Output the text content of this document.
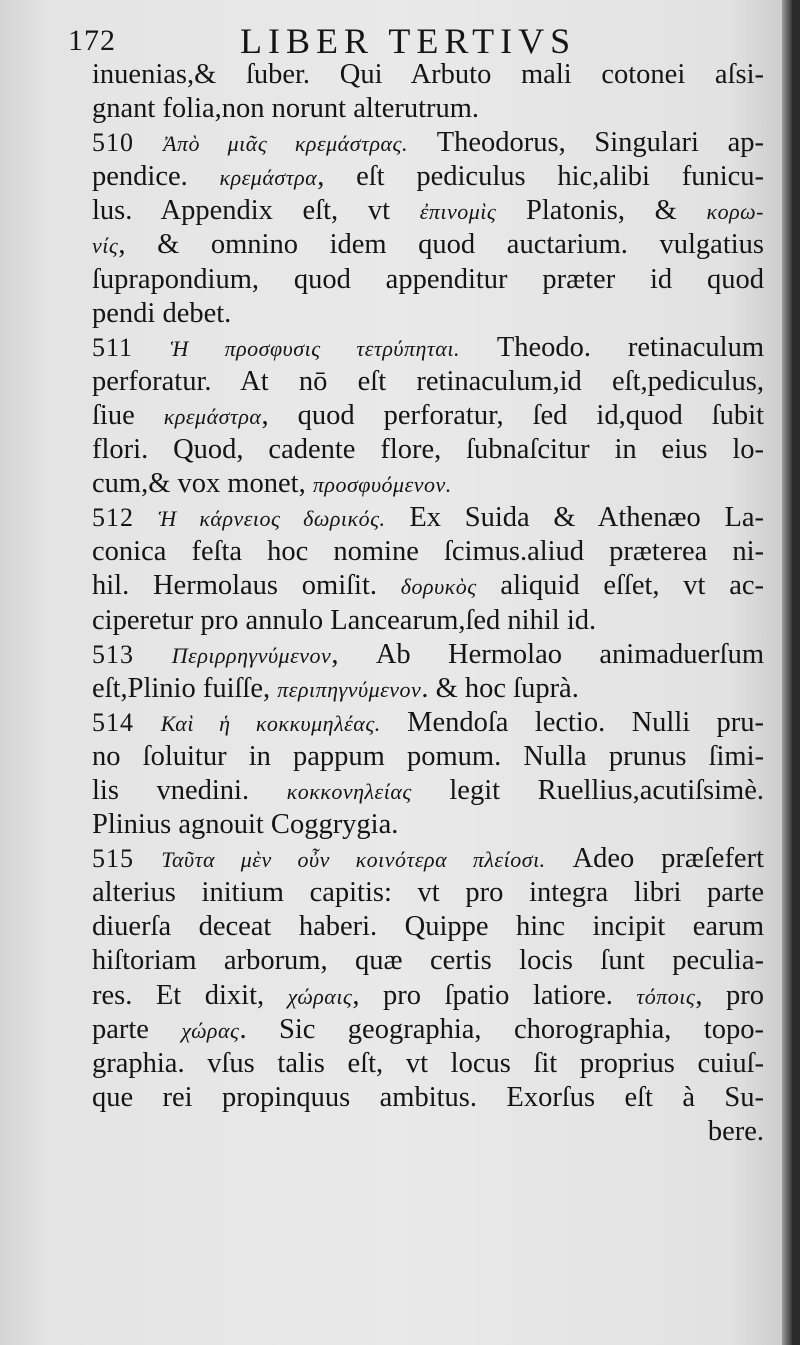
172	LIBER TERTIVS
inuenias,& ſuber. Qui Arbuto mali cotonei aſsi-
gnant folia,non norunt alterutrum.
510 Ἀπὸ μιᾶς κρεμάστρας. Theodorus, Singulari ap-
pendice. κρεμάστρα, eſt pediculus hic,alibi funicu-
lus. Appendix eſt, vt ἐπινομὶς Platonis, & κορω-
νίς, & omnino idem quod auctarium. vulgatius
ſuprapondium, quod appenditur præter id quod
pendi debet.
511 Ἡ προσφυσις τετρύπηται. Theodo. retinaculum
perforatur. At nō eſt retinaculum,id eſt,pediculus,
ſiue κρεμάστρα, quod perforatur, ſed id,quod ſubit
flori. Quod, cadente flore, ſubnaſcitur in eius lo-
cum,& vox monet, προσφυόμενον.
512 Ἡ κάρνειος δωρικός. Ex Suida & Athenæo La-
conica feſta hoc nomine ſcimus.aliud præterea ni-
hil. Hermolaus omiſit. δορυκὸς aliquid eſſet, vt ac-
ciperetur pro annulo Lancearum,ſed nihil id.
513 Περιρρηγνύμενον, Ab Hermolao animaduerſum
eſt,Plinio fuiſſe, περιπηγνύμενον. & hoc ſuprà.
514 Καὶ ἡ κοκκυμηλέας. Mendoſa lectio. Nulli pru-
no ſoluitur in pappum pomum. Nulla prunus ſimi-
lis vnedini. κοκκονηλείας legit Ruellius,acutiſsimè.
Plinius agnouit Coggrygia.
515 Ταῦτα μὲν οὖν κοινότερα πλείοσι. Adeo præſefert
alterius initium capitis: vt pro integra libri parte
diuerſa deceat haberi. Quippe hinc incipit earum
hiſtoriam arborum, quæ certis locis ſunt peculia-
res. Et dixit, χώραις, pro ſpatio latiore. τόποις, pro
parte χώρας. Sic geographia, chorographia, topo-
graphia. vſus talis eſt, vt locus ſit proprius cuiuſ-
que rei propinquus ambitus. Exorſus eſt à Su-
bere.
